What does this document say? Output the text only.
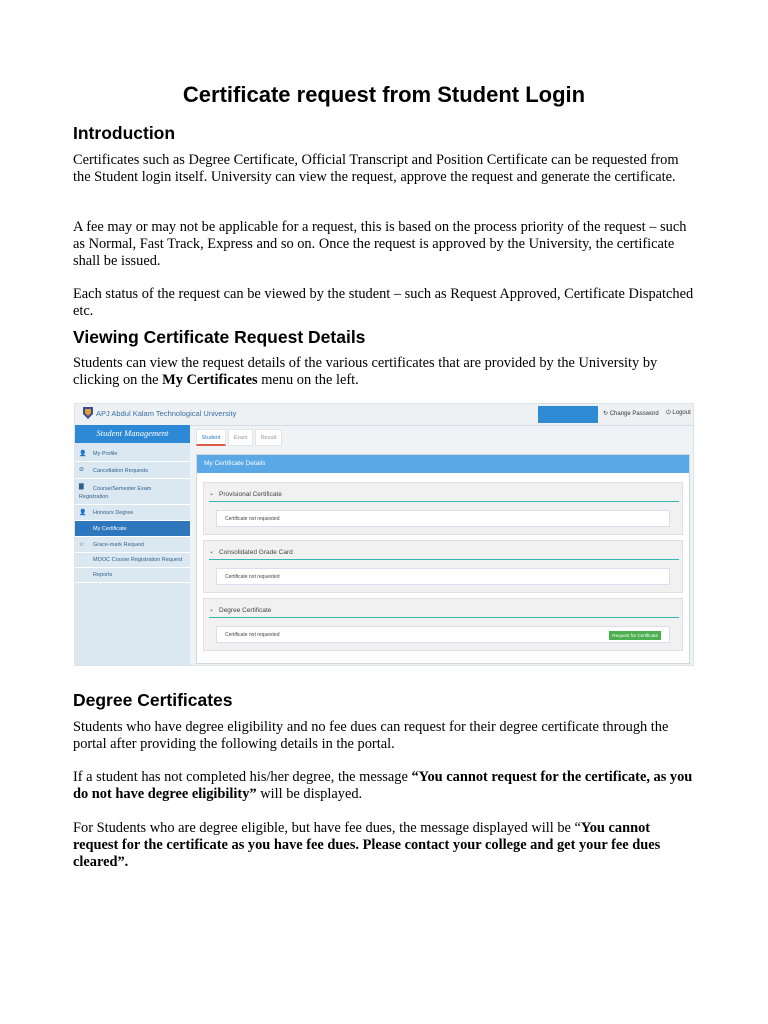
Certificate request from Student Login
Introduction

Certificates such as Degree Certificate, Official Transcript and Position Certificate can be requested from the Student login itself. University can view the request, approve the request and generate the certificate.

A fee may or may not be applicable for a request, this is based on the process priority of the request – such as Normal, Fast Track, Express and so on. Once the request is approved by the University, the certificate shall be issued.

Each status of the request can be viewed by the student – such as Request Approved, Certificate Dispatched etc.

Viewing Certificate Request Details

Students can view the request details of the various certificates that are provided by the University by clicking on the My Certificates menu on the left.

Degree Certificates

Students who have degree eligibility and no fee dues can request for their degree certificate through the portal after providing the following details in the portal.

If a student has not completed his/her degree, the message “You cannot request for the certificate, as you do not have degree eligibility” will be displayed.

For Students who are degree eligible, but have fee dues, the message displayed will be “You cannot request for the certificate as you have fee dues. Please contact your college and get your fee dues cleared”.

APJ Abdul Kalam Technological University	↻ Change Password ⏻ Logout
Student Management
👤 My Profile
⊘ Cancellation Requests
▇	Course/Semester Exam Registration
👤 Honours Degree
👤 My Certificate
☆ Grace-mark Request
MOOC Course Registration Request
Reports
Student	Exam	Result
My Certificate Details
⌄ Provisional Certificate
Certificate not requested
⌄ Consolidated Grade Card
Certificate not requested
⌄ Degree Certificate
Certificate not requested	Request for Certificate
